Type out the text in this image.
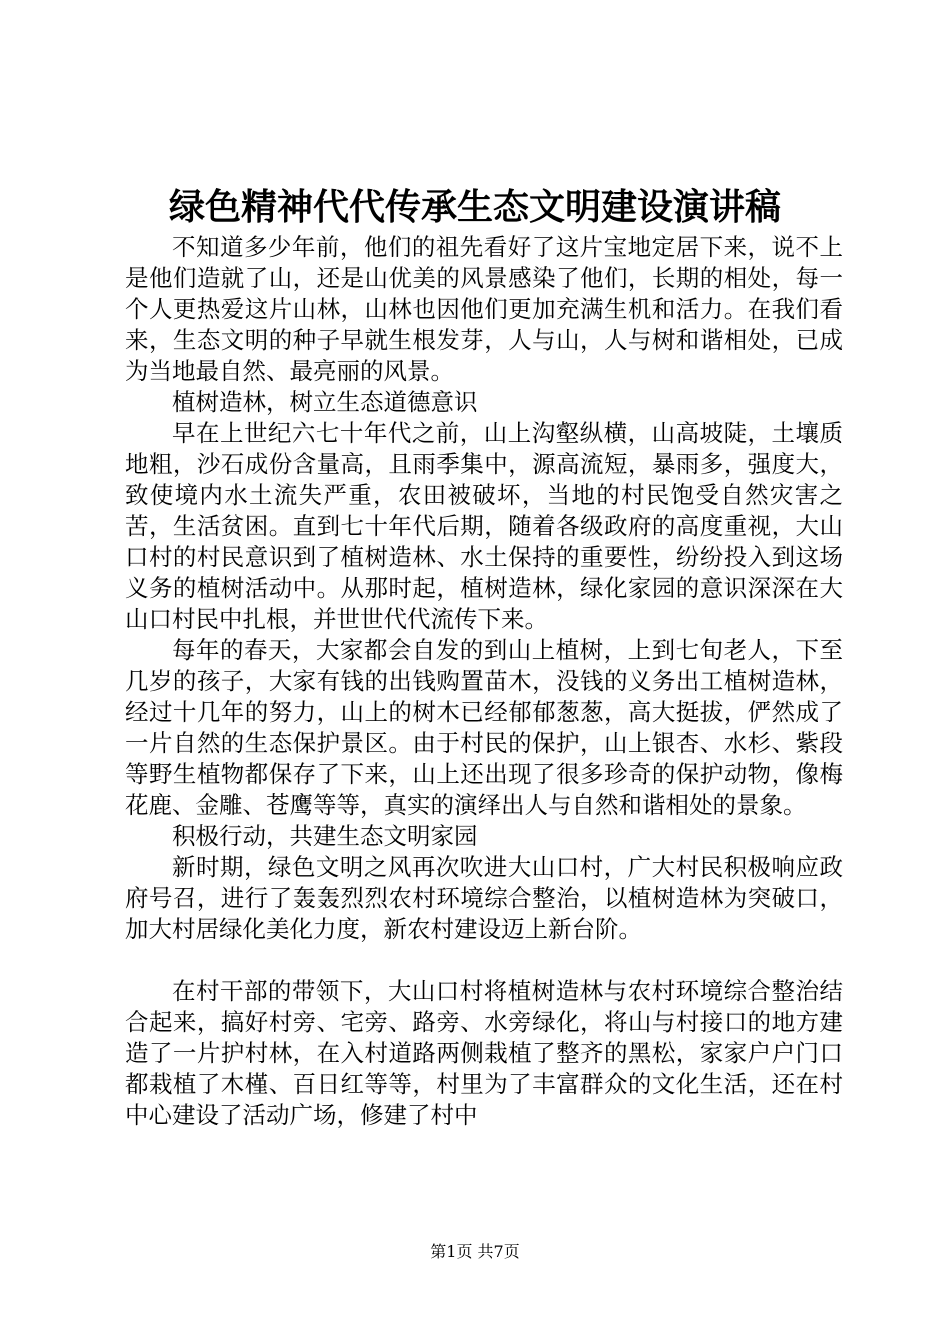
绿色精神代代传承生态文明建设演讲稿

不知道多少年前，他们的祖先看好了这片宝地定居下来，说不上是他们造就了山，还是山优美的风景感染了他们，长期的相处，每一个人更热爱这片山林，山林也因他们更加充满生机和活力。在我们看来，生态文明的种子早就生根发芽，人与山，人与树和谐相处，已成为当地最自然、最亮丽的风景。

植树造林，树立生态道德意识

早在上世纪六七十年代之前，山上沟壑纵横，山高坡陡，土壤质地粗，沙石成份含量高，且雨季集中，源高流短，暴雨多，强度大，致使境内水土流失严重，农田被破坏，当地的村民饱受自然灾害之苦，生活贫困。直到七十年代后期，随着各级政府的高度重视，大山口村的村民意识到了植树造林、水土保持的重要性，纷纷投入到这场义务的植树活动中。从那时起，植树造林，绿化家园的意识深深在大山口村民中扎根，并世世代代流传下来。

每年的春天，大家都会自发的到山上植树，上到七旬老人，下至几岁的孩子，大家有钱的出钱购置苗木，没钱的义务出工植树造林，经过十几年的努力，山上的树木已经郁郁葱葱，高大挺拔，俨然成了一片自然的生态保护景区。由于村民的保护，山上银杏、水杉、紫段等野生植物都保存了下来，山上还出现了很多珍奇的保护动物，像梅花鹿、金雕、苍鹰等等，真实的演绎出人与自然和谐相处的景象。

积极行动，共建生态文明家园

新时期，绿色文明之风再次吹进大山口村，广大村民积极响应政府号召，进行了轰轰烈烈农村环境综合整治，以植树造林为突破口，加大村居绿化美化力度，新农村建设迈上新台阶。

在村干部的带领下，大山口村将植树造林与农村环境综合整治结合起来，搞好村旁、宅旁、路旁、水旁绿化，将山与村接口的地方建造了一片护村林，在入村道路两侧栽植了整齐的黑松，家家户户门口都栽植了木槿、百日红等等，村里为了丰富群众的文化生活，还在村中心建设了活动广场，修建了村中

第1页 共7页
